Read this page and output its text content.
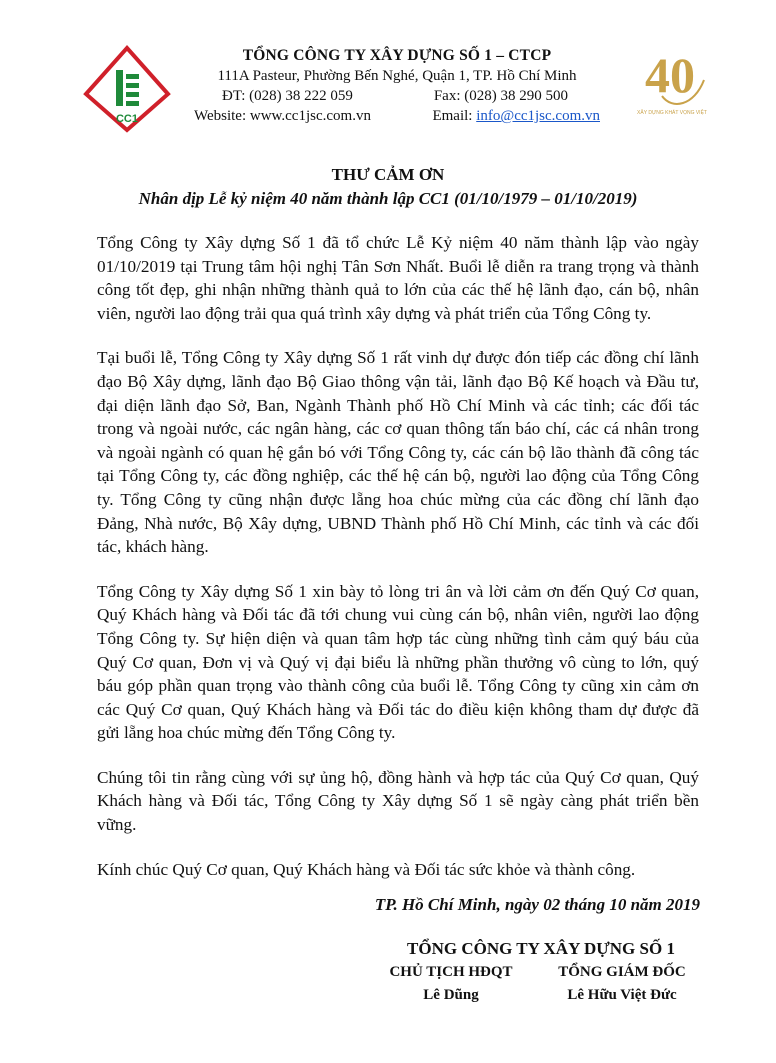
CC1
TỔNG CÔNG TY XÂY DỰNG SỐ 1 – CTCP
111A Pasteur, Phường Bến Nghé, Quận 1, TP. Hồ Chí Minh
ĐT: (028) 38 222 059	Fax: (028) 38 290 500
Website: www.cc1jsc.com.vn	Email: info@cc1jsc.com.vn
40
XÂY DỰNG KHÁT VỌNG VIỆT
THƯ CẢM ƠN
Nhân dịp Lễ kỷ niệm 40 năm thành lập CC1 (01/10/1979 – 01/10/2019)

Tổng Công ty Xây dựng Số 1 đã tổ chức Lễ Kỷ niệm 40 năm thành lập vào ngày 01/10/2019 tại Trung tâm hội nghị Tân Sơn Nhất. Buổi lễ diễn ra trang trọng và thành công tốt đẹp, ghi nhận những thành quả to lớn của các thế hệ lãnh đạo, cán bộ, nhân viên, người lao động trải qua quá trình xây dựng và phát triển của Tổng Công ty.

Tại buổi lễ, Tổng Công ty Xây dựng Số 1 rất vinh dự được đón tiếp các đồng chí lãnh đạo Bộ Xây dựng, lãnh đạo Bộ Giao thông vận tải, lãnh đạo Bộ Kế hoạch và Đầu tư, đại diện lãnh đạo Sở, Ban, Ngành Thành phố Hồ Chí Minh và các tỉnh; các đối tác trong và ngoài nước, các ngân hàng, các cơ quan thông tấn báo chí, các cá nhân trong và ngoài ngành có quan hệ gắn bó với Tổng Công ty, các cán bộ lão thành đã công tác tại Tổng Công ty, các đồng nghiệp, các thế hệ cán bộ, người lao động của Tổng Công ty. Tổng Công ty cũng nhận được lẵng hoa chúc mừng của các đồng chí lãnh đạo Đảng, Nhà nước, Bộ Xây dựng, UBND Thành phố Hồ Chí Minh, các tỉnh và các đối tác, khách hàng.

Tổng Công ty Xây dựng Số 1 xin bày tỏ lòng tri ân và lời cảm ơn đến Quý Cơ quan, Quý Khách hàng và Đối tác đã tới chung vui cùng cán bộ, nhân viên, người lao động Tổng Công ty. Sự hiện diện và quan tâm hợp tác cùng những tình cảm quý báu của Quý Cơ quan, Đơn vị và Quý vị đại biểu là những phần thưởng vô cùng to lớn, quý báu góp phần quan trọng vào thành công của buổi lễ. Tổng Công ty cũng xin cảm ơn các Quý Cơ quan, Quý Khách hàng và Đối tác do điều kiện không tham dự được đã gửi lẵng hoa chúc mừng đến Tổng Công ty.

Chúng tôi tin rằng cùng với sự ủng hộ, đồng hành và hợp tác của Quý Cơ quan, Quý Khách hàng và Đối tác, Tổng Công ty Xây dựng Số 1 sẽ ngày càng phát triển bền vững.

Kính chúc Quý Cơ quan, Quý Khách hàng và Đối tác sức khỏe và thành công.

TP. Hồ Chí Minh, ngày 02 tháng 10 năm 2019
TỔNG CÔNG TY XÂY DỰNG SỐ 1
CHỦ TỊCH HĐQT
Lê Dũng
TỔNG GIÁM ĐỐC
Lê Hữu Việt Đức
